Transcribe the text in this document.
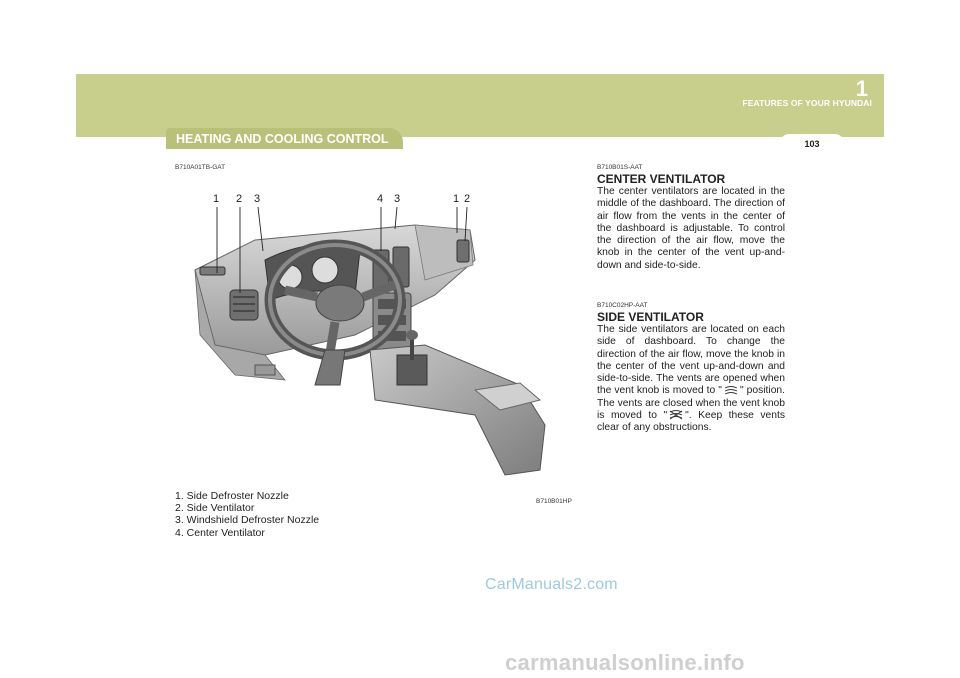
1
FEATURES OF YOUR HYUNDAI
103
HEATING AND COOLING CONTROL
B710A01TB-GAT
1 2 3	4 3	1 2
B710B01HP
1. Side Defroster Nozzle
2. Side Ventilator
3. Windshield Defroster Nozzle
4. Center Ventilator
B710B01S-AAT
CENTER VENTILATOR

The center ventilators are located in the middle of the dashboard. The direction of air flow from the vents in the center of the dashboard is adjustable. To control the direction of the air flow, move the knob in the center of the vent up-and-down and side-to-side.

B710C02HP-AAT
SIDE VENTILATOR

The side ventilators are located on each side of dashboard. To change the direction of the air flow, move the knob in the center of the vent up-and-down and side-to-side. The vents are opened when the vent knob is moved to " " position. The vents are closed when the vent knob is moved to " ". Keep these vents clear of any obstructions.

CarManuals2.com
carmanualsonline.info
